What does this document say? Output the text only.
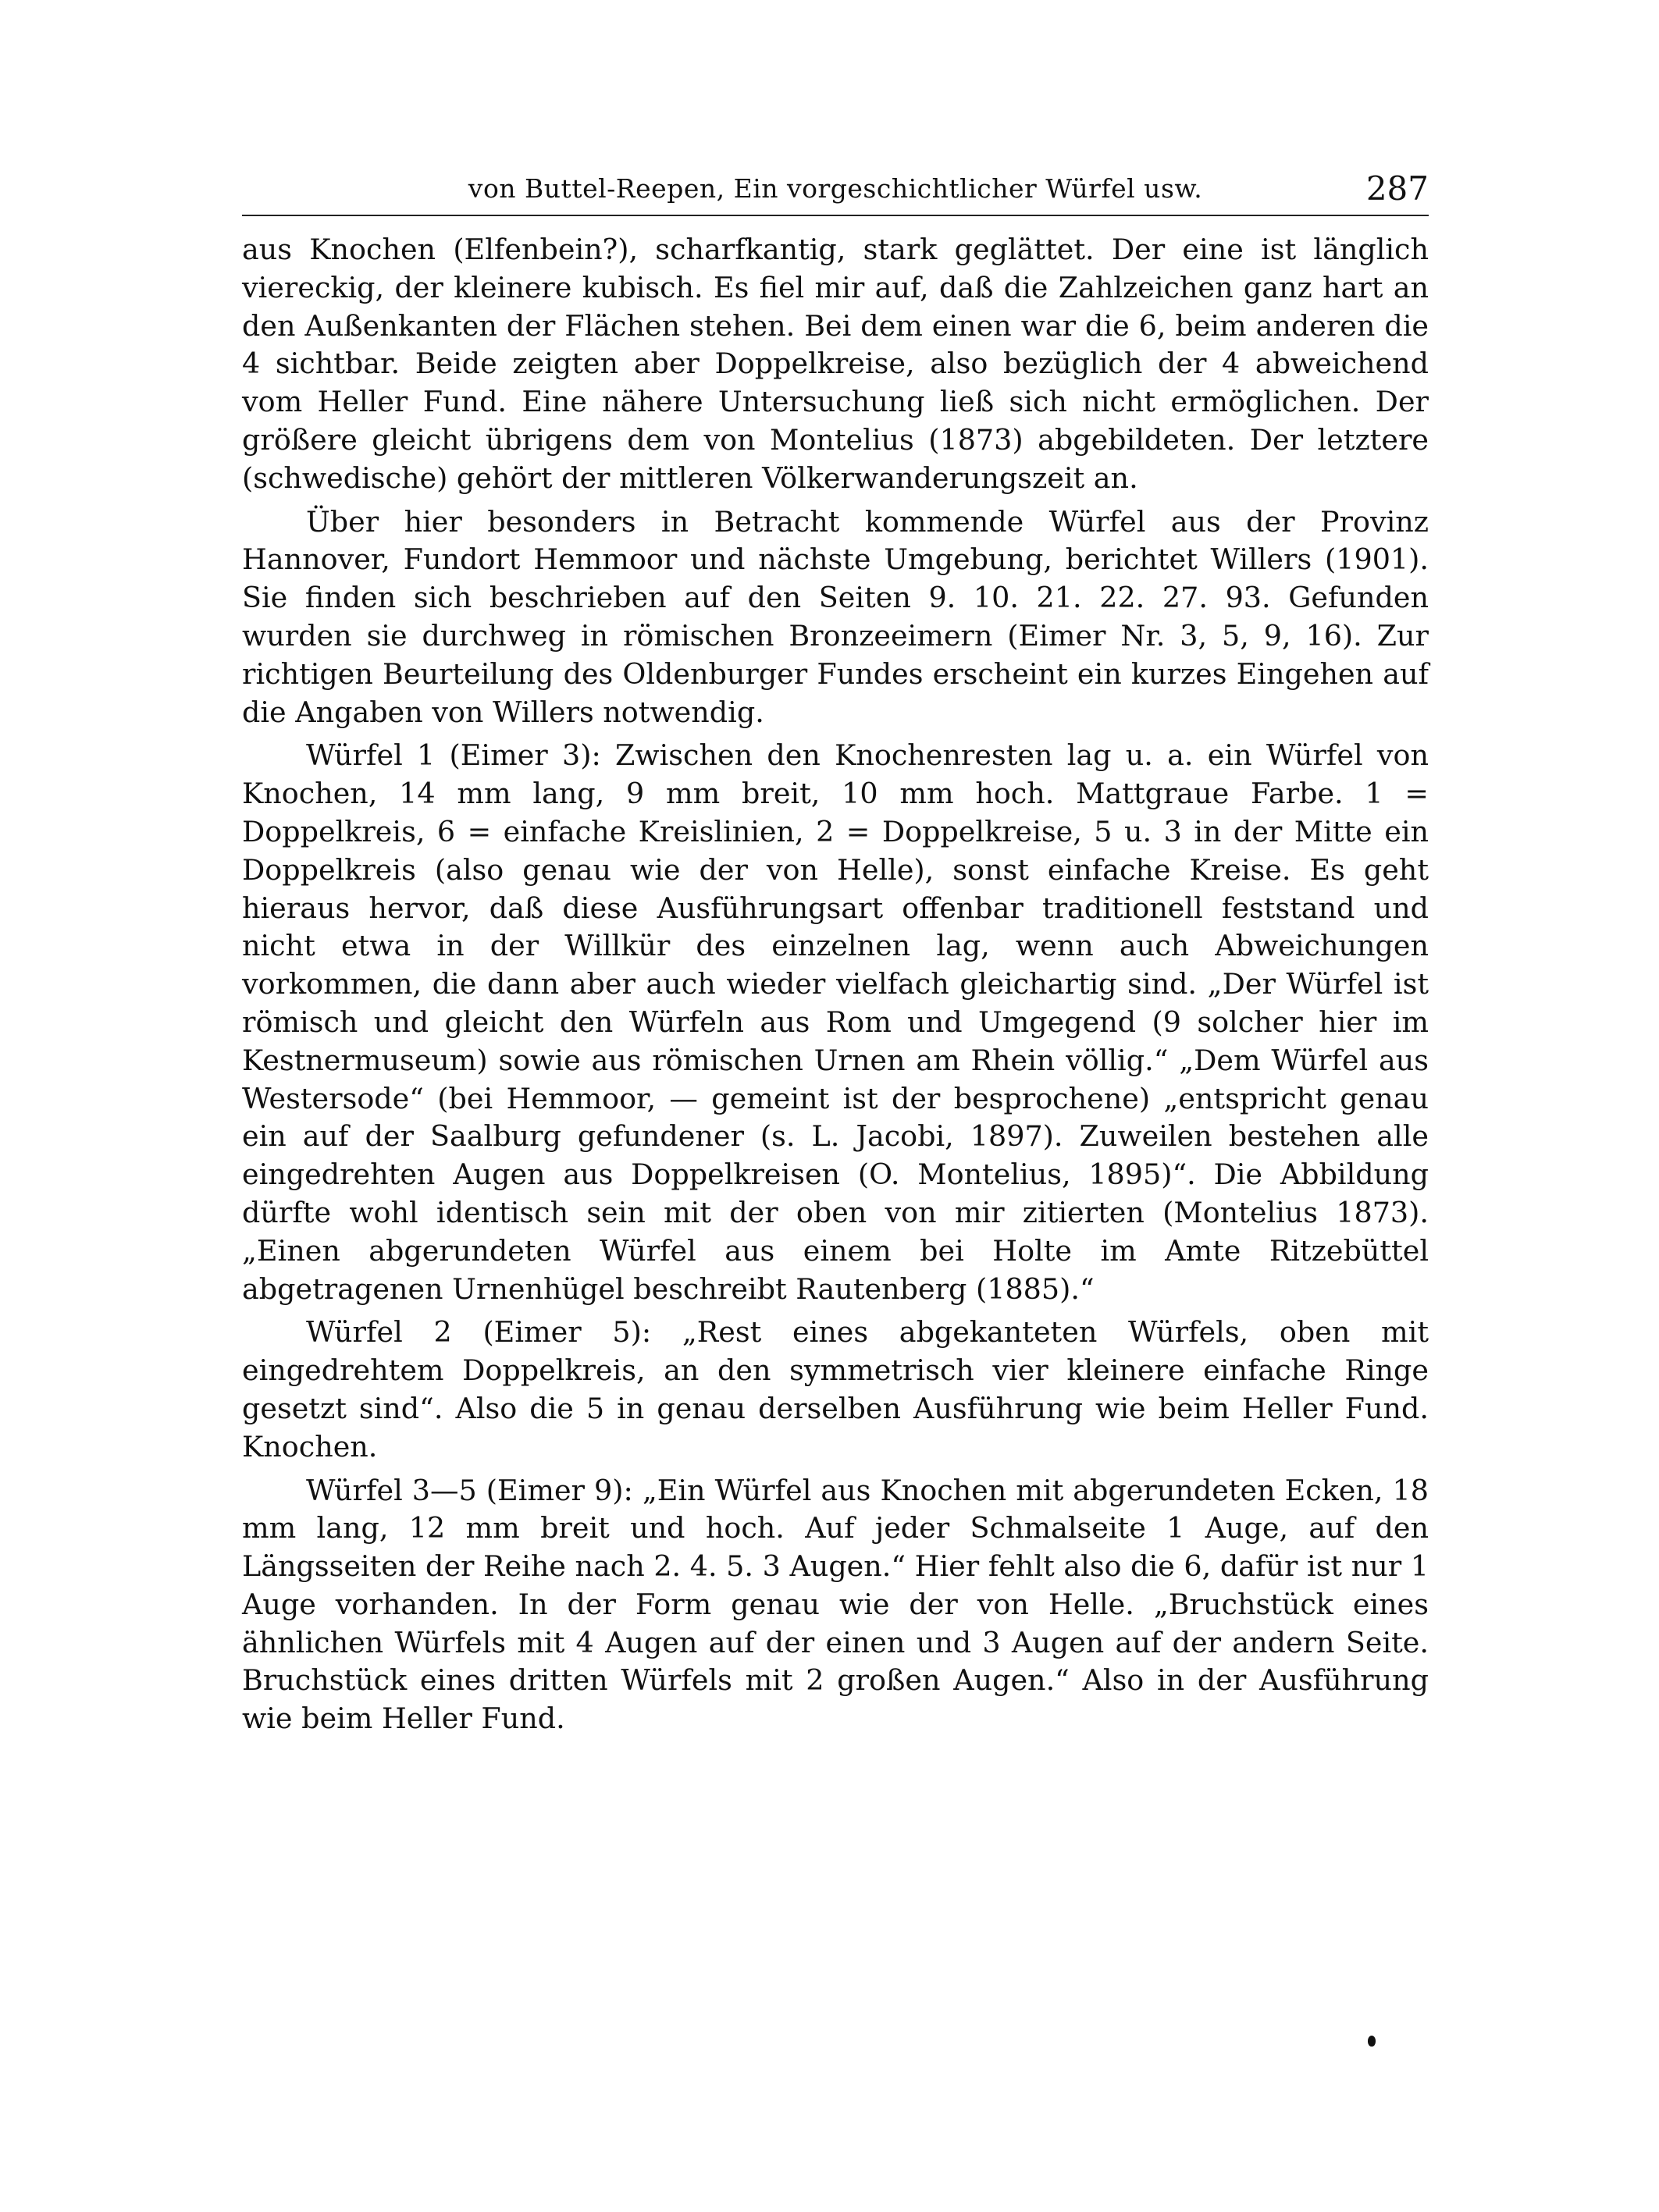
von Buttel-Reepen, Ein vorgeschichtlicher Würfel usw.	287

aus Knochen (Elfenbein?), scharfkantig, stark geglättet. Der eine ist länglich viereckig, der kleinere kubisch. Es fiel mir auf, daß die Zahlzeichen ganz hart an den Außenkanten der Flächen stehen. Bei dem einen war die 6, beim anderen die 4 sichtbar. Beide zeigten aber Doppelkreise, also bezüglich der 4 abweichend vom Heller Fund. Eine nähere Untersuchung ließ sich nicht ermöglichen. Der größere gleicht übrigens dem von Montelius (1873) abgebildeten. Der letztere (schwedische) gehört der mittleren Völkerwanderungszeit an.

Über hier besonders in Betracht kommende Würfel aus der Provinz Hannover, Fundort Hemmoor und nächste Umgebung, berichtet Willers (1901). Sie finden sich beschrieben auf den Seiten 9. 10. 21. 22. 27. 93. Gefunden wurden sie durchweg in römischen Bronzeeimern (Eimer Nr. 3, 5, 9, 16). Zur richtigen Beurteilung des Oldenburger Fundes erscheint ein kurzes Eingehen auf die Angaben von Willers notwendig.

Würfel 1 (Eimer 3): Zwischen den Knochenresten lag u. a. ein Würfel von Knochen, 14 mm lang, 9 mm breit, 10 mm hoch. Mattgraue Farbe. 1 = Doppelkreis, 6 = einfache Kreislinien, 2 = Doppelkreise, 5 u. 3 in der Mitte ein Doppelkreis (also genau wie der von Helle), sonst einfache Kreise. Es geht hieraus hervor, daß diese Ausführungsart offenbar traditionell feststand und nicht etwa in der Willkür des einzelnen lag, wenn auch Abweichungen vorkommen, die dann aber auch wieder vielfach gleichartig sind. „Der Würfel ist römisch und gleicht den Würfeln aus Rom und Umgegend (9 solcher hier im Kestnermuseum) sowie aus römischen Urnen am Rhein völlig.“ „Dem Würfel aus Westersode“ (bei Hemmoor, — gemeint ist der besprochene) „entspricht genau ein auf der Saalburg gefundener (s. L. Jacobi, 1897). Zuweilen bestehen alle eingedrehten Augen aus Doppelkreisen (O. Montelius, 1895)“. Die Abbildung dürfte wohl identisch sein mit der oben von mir zitierten (Montelius 1873). „Einen abgerundeten Würfel aus einem bei Holte im Amte Ritzebüttel abgetragenen Urnenhügel beschreibt Rautenberg (1885).“

Würfel 2 (Eimer 5): „Rest eines abgekanteten Würfels, oben mit eingedrehtem Doppelkreis, an den symmetrisch vier kleinere einfache Ringe gesetzt sind“. Also die 5 in genau derselben Ausführung wie beim Heller Fund. Knochen.

Würfel 3—5 (Eimer 9): „Ein Würfel aus Knochen mit abgerundeten Ecken, 18 mm lang, 12 mm breit und hoch. Auf jeder Schmalseite 1 Auge, auf den Längsseiten der Reihe nach 2. 4. 5. 3 Augen.“ Hier fehlt also die 6, dafür ist nur 1 Auge vorhanden. In der Form genau wie der von Helle. „Bruchstück eines ähnlichen Würfels mit 4 Augen auf der einen und 3 Augen auf der andern Seite. Bruchstück eines dritten Würfels mit 2 großen Augen.“ Also in der Ausführung wie beim Heller Fund.
